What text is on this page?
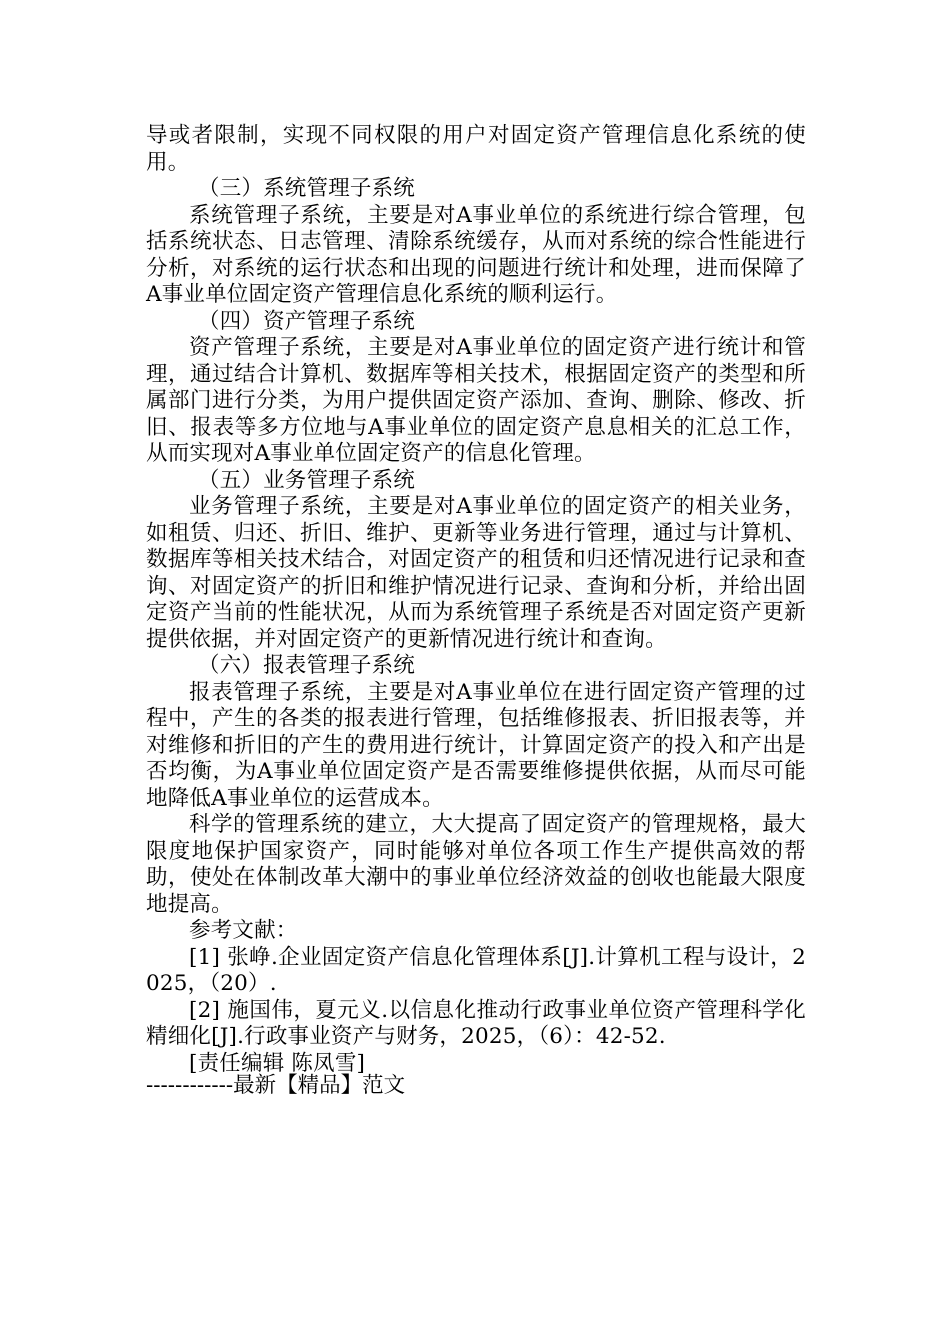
导或者限制，实现不同权限的用户对固定资产管理信息化系统的使用。

（三）系统管理子系统

系统管理子系统，主要是对A事业单位的系统进行综合管理，包括系统状态、日志管理、清除系统缓存，从而对系统的综合性能进行分析，对系统的运行状态和出现的问题进行统计和处理，进而保障了A事业单位固定资产管理信息化系统的顺利运行。

（四）资产管理子系统

资产管理子系统，主要是对A事业单位的固定资产进行统计和管理，通过结合计算机、数据库等相关技术，根据固定资产的类型和所属部门进行分类，为用户提供固定资产添加、查询、删除、修改、折旧、报表等多方位地与A事业单位的固定资产息息相关的汇总工作，从而实现对A事业单位固定资产的信息化管理。

（五）业务管理子系统

业务管理子系统，主要是对A事业单位的固定资产的相关业务，如租赁、归还、折旧、维护、更新等业务进行管理，通过与计算机、数据库等相关技术结合，对固定资产的租赁和归还情况进行记录和查询、对固定资产的折旧和维护情况进行记录、查询和分析，并给出固定资产当前的性能状况，从而为系统管理子系统是否对固定资产更新提供依据，并对固定资产的更新情况进行统计和查询。

（六）报表管理子系统

报表管理子系统，主要是对A事业单位在进行固定资产管理的过程中，产生的各类的报表进行管理，包括维修报表、折旧报表等，并对维修和折旧的产生的费用进行统计，计算固定资产的投入和产出是否均衡，为A事业单位固定资产是否需要维修提供依据，从而尽可能地降低A事业单位的运营成本。

科学的管理系统的建立，大大提高了固定资产的管理规格，最大限度地保护国家资产，同时能够对单位各项工作生产提供高效的帮助，使处在体制改革大潮中的事业单位经济效益的创收也能最大限度地提高。

参考文献：

[1] 张峥.企业固定资产信息化管理体系[J].计算机工程与设计，2025，（20）.

[2] 施国伟，夏元义.以信息化推动行政事业单位资产管理科学化精细化[J].行政事业资产与财务，2025，（6）：42-52.

[责任编辑 陈凤雪]

------------最新【精品】范文
